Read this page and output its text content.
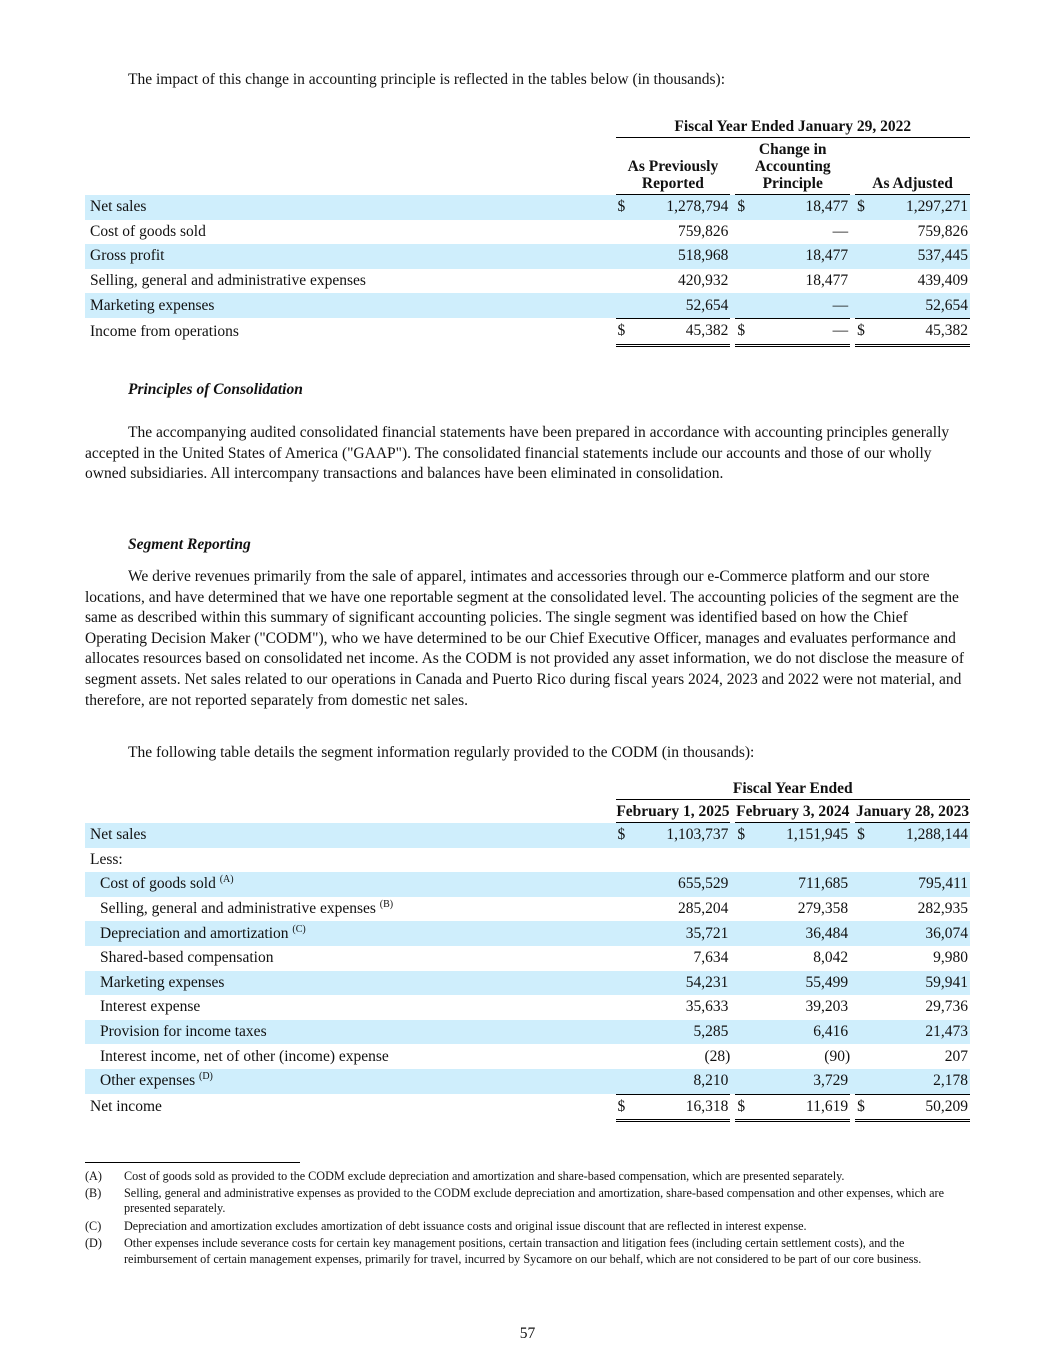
The impact of this change in accounting principle is reflected in the tables below (in thousands):

		Fiscal Year Ended January 29, 2022							
		As Previously Reported			Change in Accounting Principle			As Adjusted	
Net sales		$	1,278,794		$	18,477		$	1,297,271
Cost of goods sold			759,826			—			759,826
Gross profit			518,968			18,477			537,445
Selling, general and administrative expenses			420,932			18,477			439,409
Marketing expenses			52,654			—			52,654
Income from operations		$	45,382		$	—		$	45,382

Principles of Consolidation

The accompanying audited consolidated financial statements have been prepared in accordance with accounting principles generally accepted in the United States of America ("GAAP"). The consolidated financial statements include our accounts and those of our wholly owned subsidiaries. All intercompany transactions and balances have been eliminated in consolidation.

Segment Reporting

We derive revenues primarily from the sale of apparel, intimates and accessories through our e-Commerce platform and our store locations, and have determined that we have one reportable segment at the consolidated level. The accounting policies of the segment are the same as described within this summary of significant accounting policies. The single segment was identified based on how the Chief Operating Decision Maker ("CODM"), who we have determined to be our Chief Executive Officer, manages and evaluates performance and allocates resources based on consolidated net income. As the CODM is not provided any asset information, we do not disclose the measure of segment assets. Net sales related to our operations in Canada and Puerto Rico during fiscal years 2024, 2023 and 2022 were not material, and therefore, are not reported separately from domestic net sales.

The following table details the segment information regularly provided to the CODM (in thousands):

		Fiscal Year Ended							
		February 1, 2025			February 3, 2024			January 28, 2023	
Net sales		$	1,103,737		$	1,151,945		$	1,288,144
Less:									
Cost of goods sold $^{(A)}$			655,529			711,685			795,411
Selling, general and administrative expenses $^{(B)}$			285,204			279,358			282,935
Depreciation and amortization $^{(C)}$			35,721			36,484			36,074
Shared-based compensation			7,634			8,042			9,980
Marketing expenses			54,231			55,499			59,941
Interest expense			35,633			39,203			29,736
Provision for income taxes			5,285			6,416			21,473
Interest income, net of other (income) expense			(28)			(90)			207
Other expenses $^{(D)}$			8,210			3,729			2,178
Net income		$	16,318		$	11,619		$	50,209
(A)	Cost of goods sold as provided to the CODM exclude depreciation and amortization and share-based compensation, which are presented separately.
(B)	Selling, general and administrative expenses as provided to the CODM exclude depreciation and amortization, share-based compensation and other expenses, which are presented separately.
(C)	Depreciation and amortization excludes amortization of debt issuance costs and original issue discount that are reflected in interest expense.
(D)	Other expenses include severance costs for certain key management positions, certain transaction and litigation fees (including certain settlement costs), and the reimbursement of certain management expenses, primarily for travel, incurred by Sycamore on our behalf, which are not considered to be part of our core business.
57
